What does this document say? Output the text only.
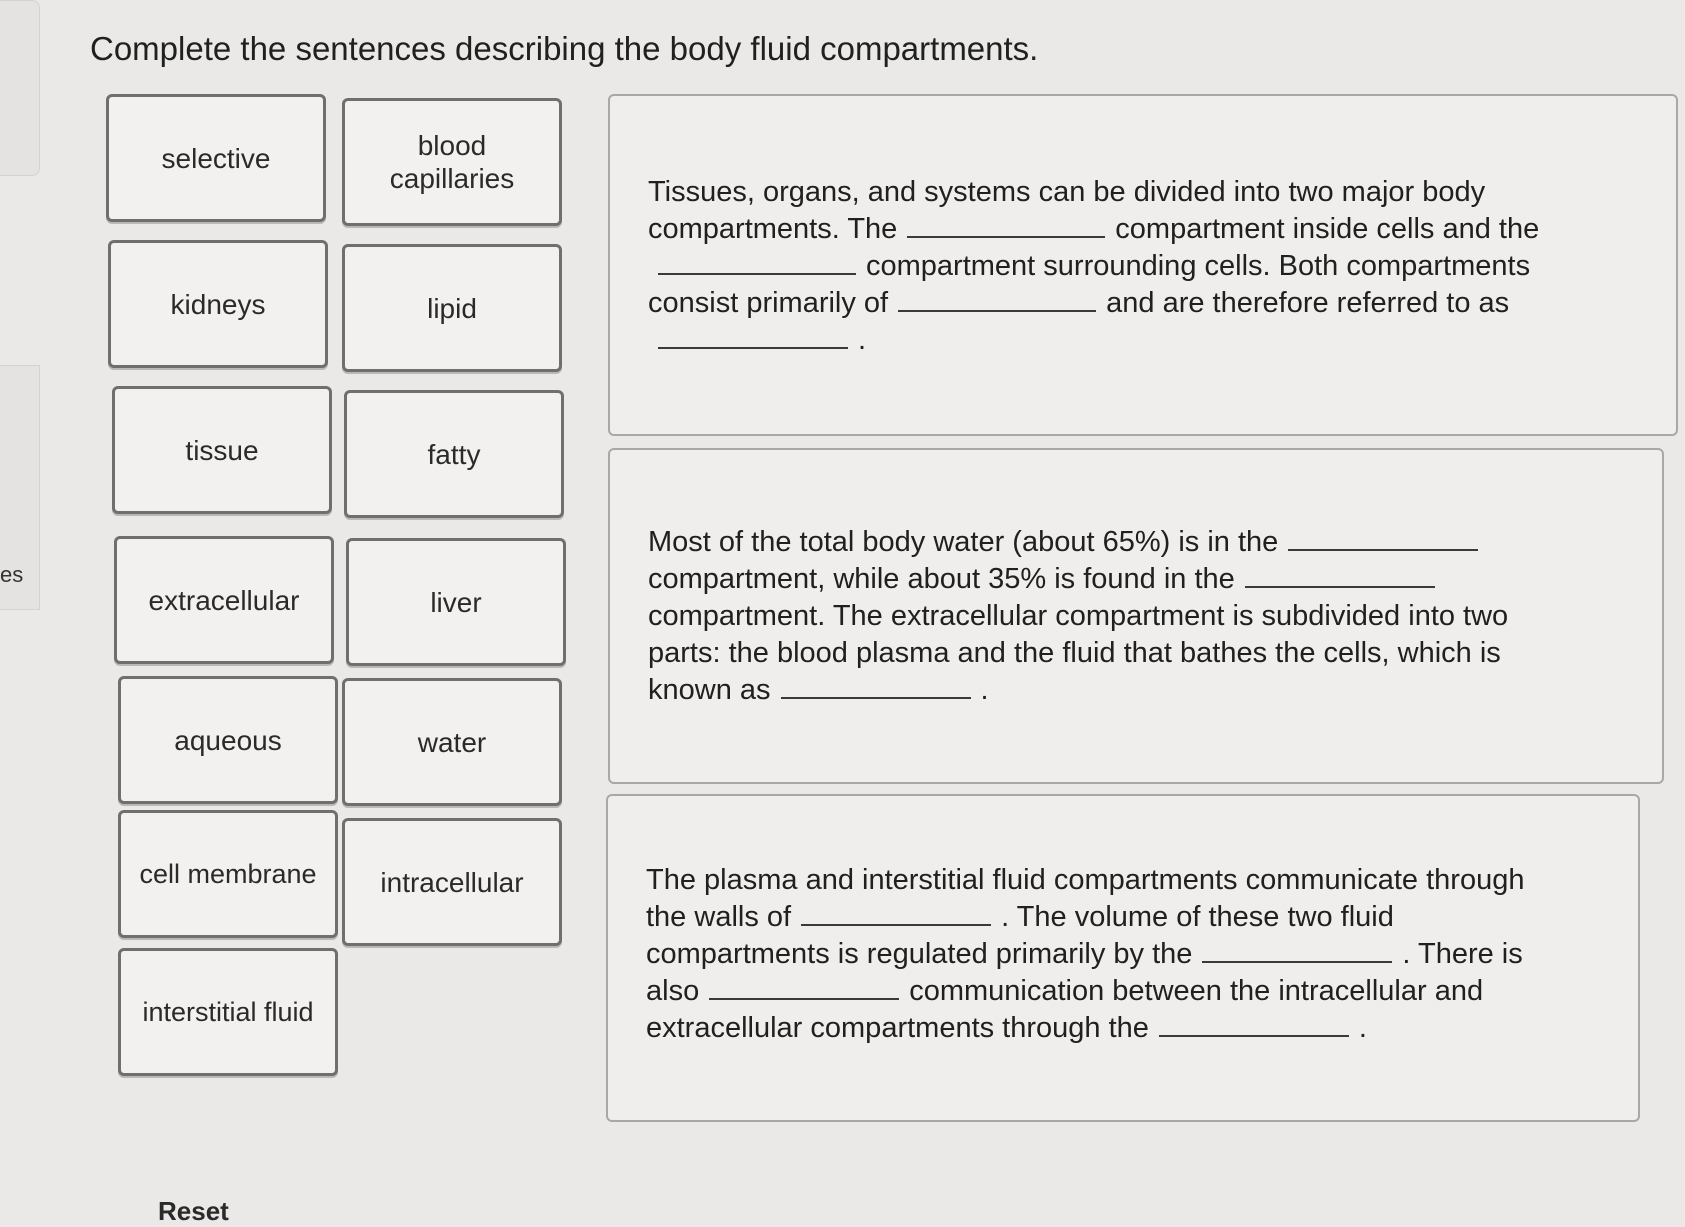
es
Complete the sentences describing the body fluid compartments.
selective	blood capillaries
kidneys	lipid
tissue	fatty
extracellular	liver
aqueous	water
cell membrane intracellular
interstitial fluid
Tissues, organs, and systems can be divided into two major body compartments. The	compartment inside cells and the compartment surrounding cells. Both compartments consist primarily of	and are therefore referred to as .
Most of the total body water (about 65%) is in the compartment, while about 35% is found in the compartment. The extracellular compartment is subdivided into two parts: the blood plasma and the fluid that bathes the cells, which is known as	.
The plasma and interstitial fluid compartments communicate through the walls of	. The volume of these two fluid compartments is regulated primarily by the	. There is also	communication between the intracellular and extracellular compartments through the	.
Reset
